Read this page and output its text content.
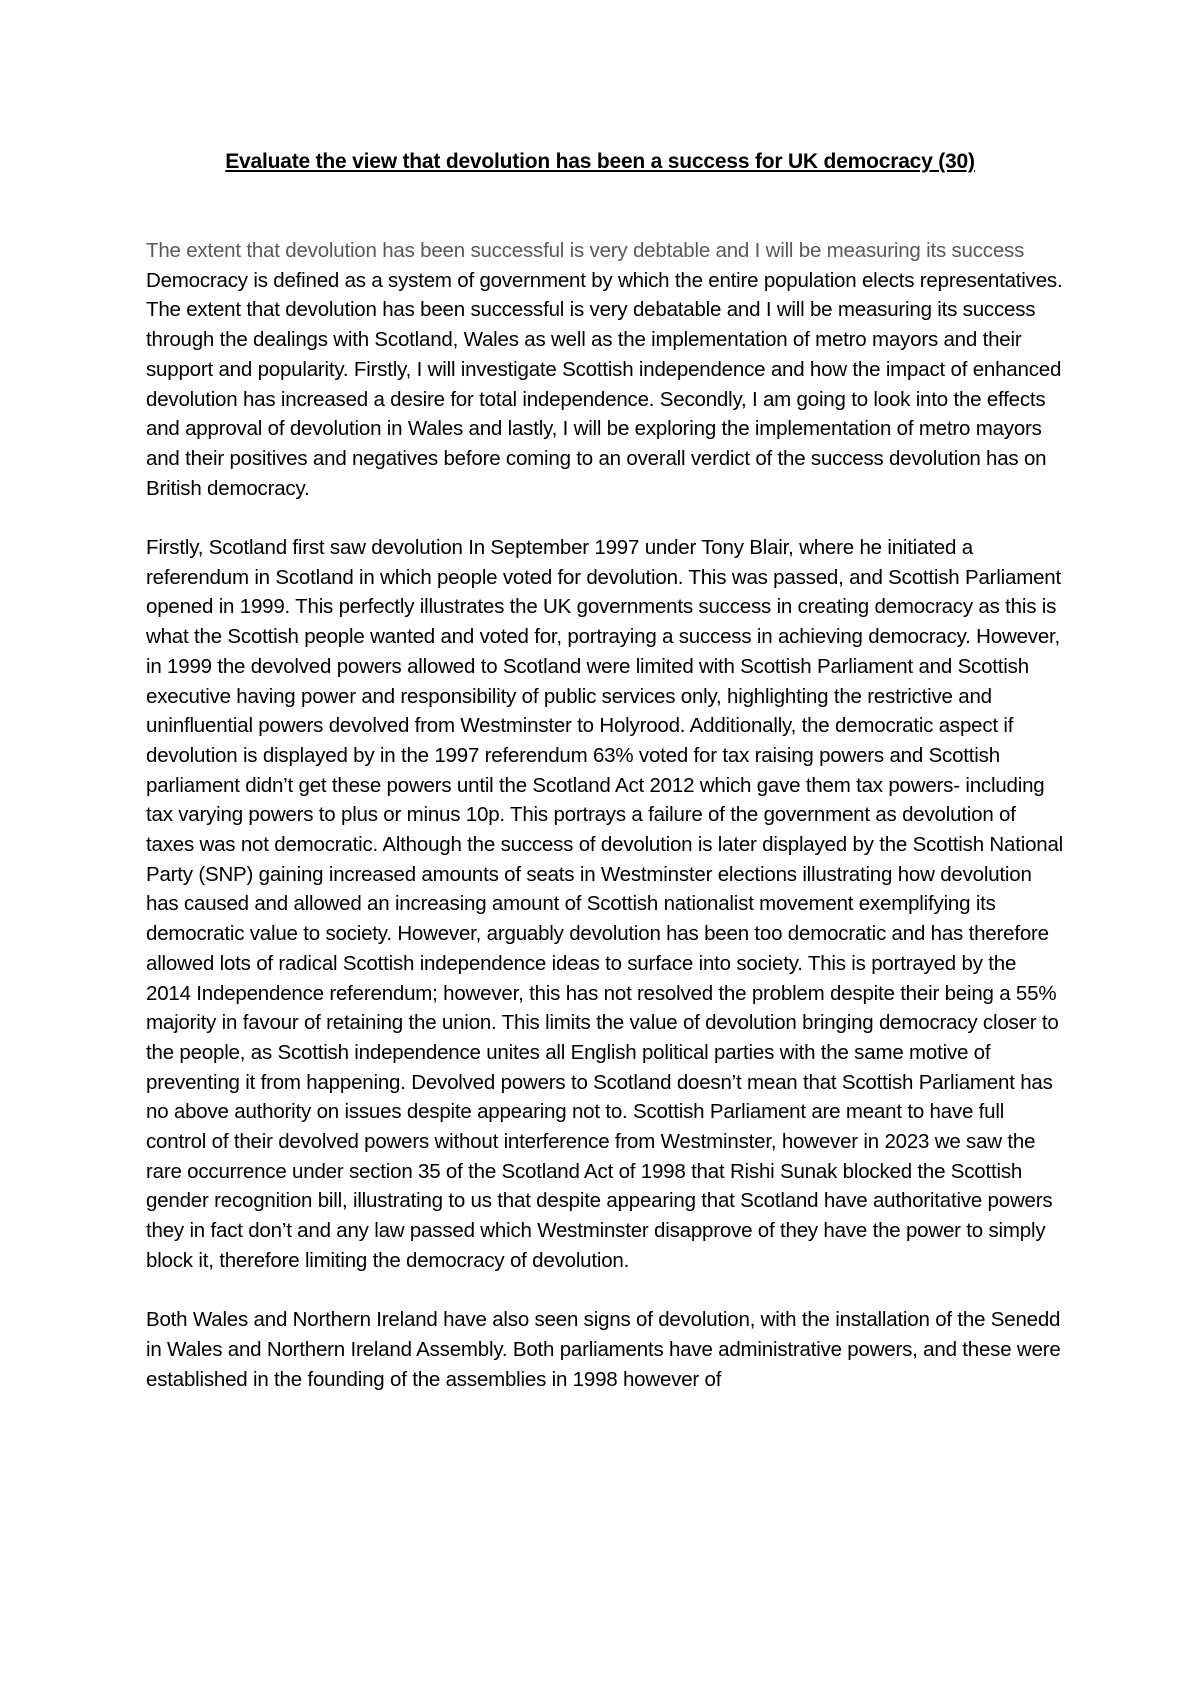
Evaluate the view that devolution has been a success for UK democracy (30)

The extent that devolution has been successful is very debtable and I will be measuring its success

Democracy is defined as a system of government by which the entire population elects representatives. The extent that devolution has been successful is very debatable and I will be measuring its success through the dealings with Scotland, Wales as well as the implementation of metro mayors and their support and popularity. Firstly, I will investigate Scottish independence and how the impact of enhanced devolution has increased a desire for total independence. Secondly, I am going to look into the effects and approval of devolution in Wales and lastly, I will be exploring the implementation of metro mayors and their positives and negatives before coming to an overall verdict of the success devolution has on British democracy.

Firstly, Scotland first saw devolution In September 1997 under Tony Blair, where he initiated a referendum in Scotland in which people voted for devolution. This was passed, and Scottish Parliament opened in 1999. This perfectly illustrates the UK governments success in creating democracy as this is what the Scottish people wanted and voted for, portraying a success in achieving democracy. However, in 1999 the devolved powers allowed to Scotland were limited with Scottish Parliament and Scottish executive having power and responsibility of public services only, highlighting the restrictive and uninfluential powers devolved from Westminster to Holyrood. Additionally, the democratic aspect if devolution is displayed by in the 1997 referendum 63% voted for tax raising powers and Scottish parliament didn’t get these powers until the Scotland Act 2012 which gave them tax powers- including tax varying powers to plus or minus 10p. This portrays a failure of the government as devolution of taxes was not democratic. Although the success of devolution is later displayed by the Scottish National Party (SNP) gaining increased amounts of seats in Westminster elections illustrating how devolution has caused and allowed an increasing amount of Scottish nationalist movement exemplifying its democratic value to society. However, arguably devolution has been too democratic and has therefore allowed lots of radical Scottish independence ideas to surface into society. This is portrayed by the 2014 Independence referendum; however, this has not resolved the problem despite their being a 55% majority in favour of retaining the union. This limits the value of devolution bringing democracy closer to the people, as Scottish independence unites all English political parties with the same motive of preventing it from happening. Devolved powers to Scotland doesn’t mean that Scottish Parliament has no above authority on issues despite appearing not to. Scottish Parliament are meant to have full control of their devolved powers without interference from Westminster, however in 2023 we saw the rare occurrence under section 35 of the Scotland Act of 1998 that Rishi Sunak blocked the Scottish gender recognition bill, illustrating to us that despite appearing that Scotland have authoritative powers they in fact don’t and any law passed which Westminster disapprove of they have the power to simply block it, therefore limiting the democracy of devolution.

Both Wales and Northern Ireland have also seen signs of devolution, with the installation of the Senedd in Wales and Northern Ireland Assembly. Both parliaments have administrative powers, and these were established in the founding of the assemblies in 1998 however of
